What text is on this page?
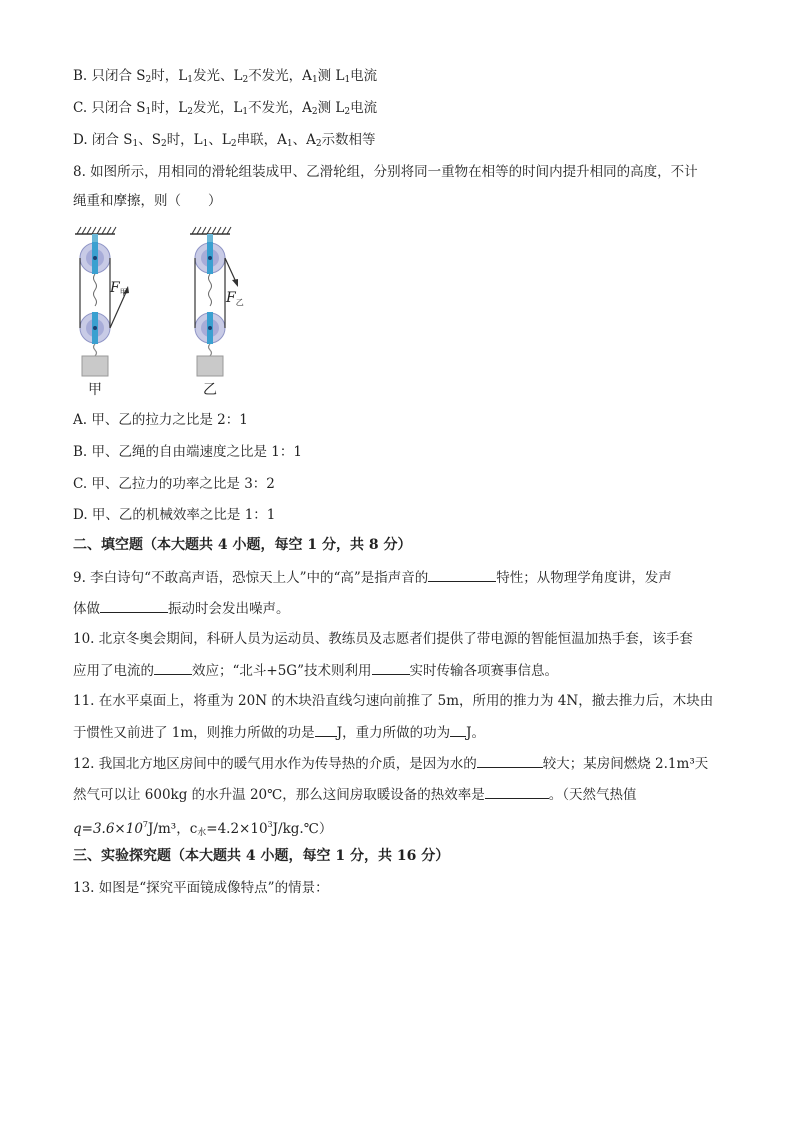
B. 只闭合 $S_2$时，$L_1$发光、$L_2$不发光，$A_1$测 $L_1$电流
C. 只闭合 $S_1$时，$L_2$发光，$L_1$不发光，$A_2$测 $L_2$电流
D. 闭合 $S_1$、$S_2$时，$L_1$、$L_2$串联，$A_1$、$A_2$示数相等
8. 如图所示，用相同的滑轮组装成甲、乙滑轮组，分别将同一重物在相等的时间内提升相同的高度，不计
绳重和摩擦，则（　　）
$F_甲$
甲
$F_乙$
乙
A. 甲、乙的拉力之比是 2：1
B. 甲、乙绳的自由端速度之比是 1：1
C. 甲、乙拉力的功率之比是 3：2
D. 甲、乙的机械效率之比是 1：1
二、填空题（本大题共 4 小题，每空 1 分，共 8 分）
9. 李白诗句“不敢高声语，恐惊天上人”中的“高”是指声音的	特性；从物理学角度讲，发声
体做	振动时会发出噪声。
10. 北京冬奥会期间，科研人员为运动员、教练员及志愿者们提供了带电源的智能恒温加热手套，该手套
应用了电流的	效应；“北斗+5G”技术则利用	实时传输各项赛事信息。
11. 在水平桌面上，将重为 20N 的木块沿直线匀速向前推了 5m，所用的推力为 4N，撤去推力后，木块由
于惯性又前进了 1m，则推力所做的功是 J，重力所做的功为 J。
12. 我国北方地区房间中的暖气用水作为传导热的介质，是因为水的	较大；某房间燃烧 2.1m³天
然气可以让 600kg 的水升温 20℃，那么这间房取暖设备的热效率是	。（天然气热值
$q=3.6\times 10^7J/m^3$，$c_水=4.2\times 10^3J/kg.℃$）
三、实验探究题（本大题共 4 小题，每空 1 分，共 16 分）
13. 如图是“探究平面镜成像特点”的情景：
